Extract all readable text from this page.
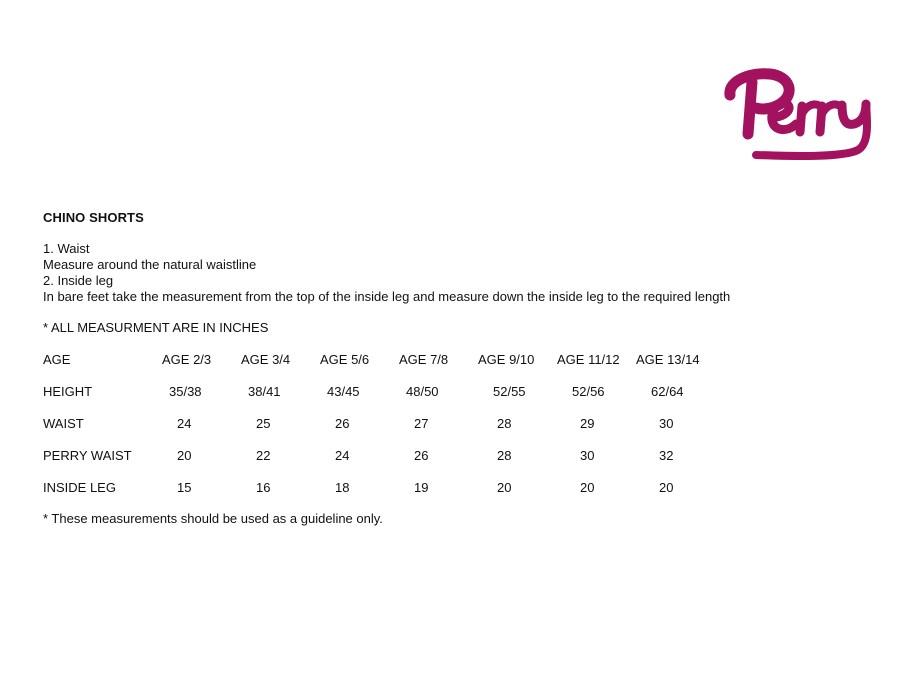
CHINO SHORTS
1. Waist
Measure around the natural waistline
2. Inside leg
In bare feet take the measurement from the top of the inside leg and measure down the inside leg to the required length
* ALL MEASURMENT ARE IN INCHES
AGE	AGE 2/3	AGE 3/4	AGE 5/6	AGE 7/8	AGE 9/10	AGE 11/12	AGE 13/14
HEIGHT	35/38	38/41	43/45	48/50	52/55	52/56	62/64
WAIST	24	25	26	27	28	29	30
PERRY WAIST	20	22	24	26	28	30	32
INSIDE LEG	15	16	18	19	20	20	20
* These measurements should be used as a guideline only.
